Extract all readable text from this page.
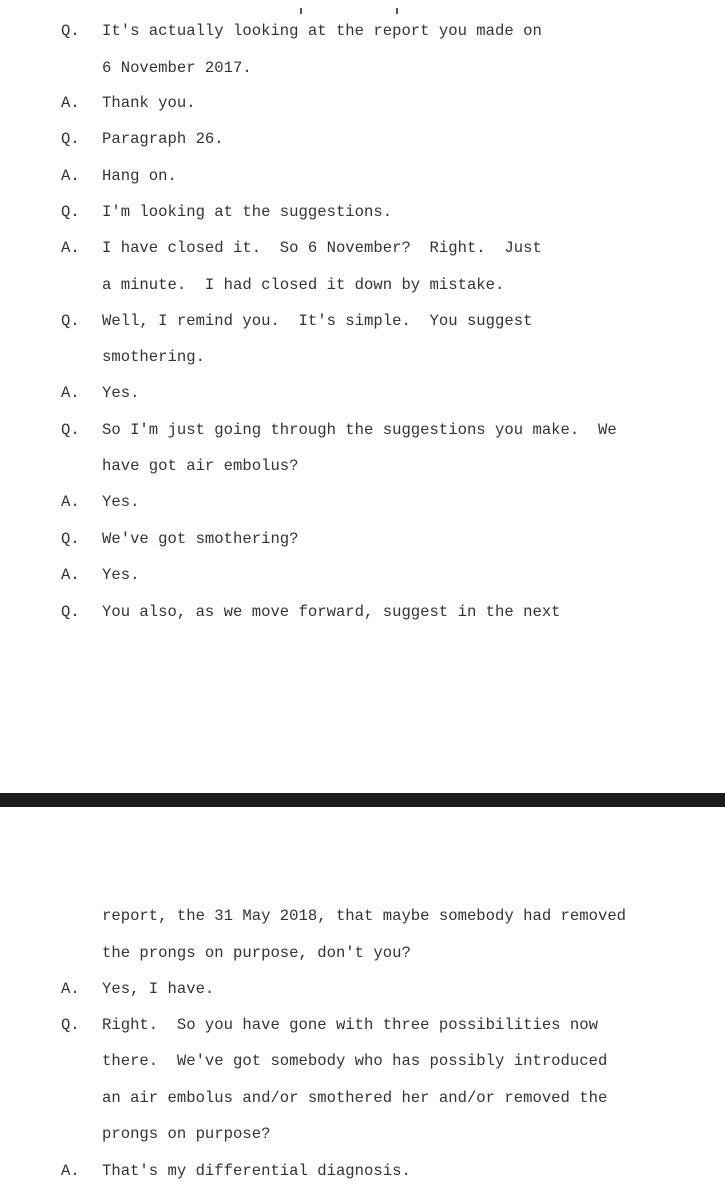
Q. It's actually looking at the report you made on
6 November 2017.
A. Thank you.
Q. Paragraph 26.
A. Hang on.
Q. I'm looking at the suggestions.
A. I have closed it.  So 6 November?  Right.  Just
a minute.  I had closed it down by mistake.
Q. Well, I remind you.  It's simple.  You suggest
smothering.
A. Yes.
Q. So I'm just going through the suggestions you make.  We
have got air embolus?
A. Yes.
Q. We've got smothering?
A. Yes.
Q. You also, as we move forward, suggest in the next
report, the 31 May 2018, that maybe somebody had removed
the prongs on purpose, don't you?
A. Yes, I have.
Q. Right.  So you have gone with three possibilities now
there.  We've got somebody who has possibly introduced
an air embolus and/or smothered her and/or removed the
prongs on purpose?
A. That's my differential diagnosis.
